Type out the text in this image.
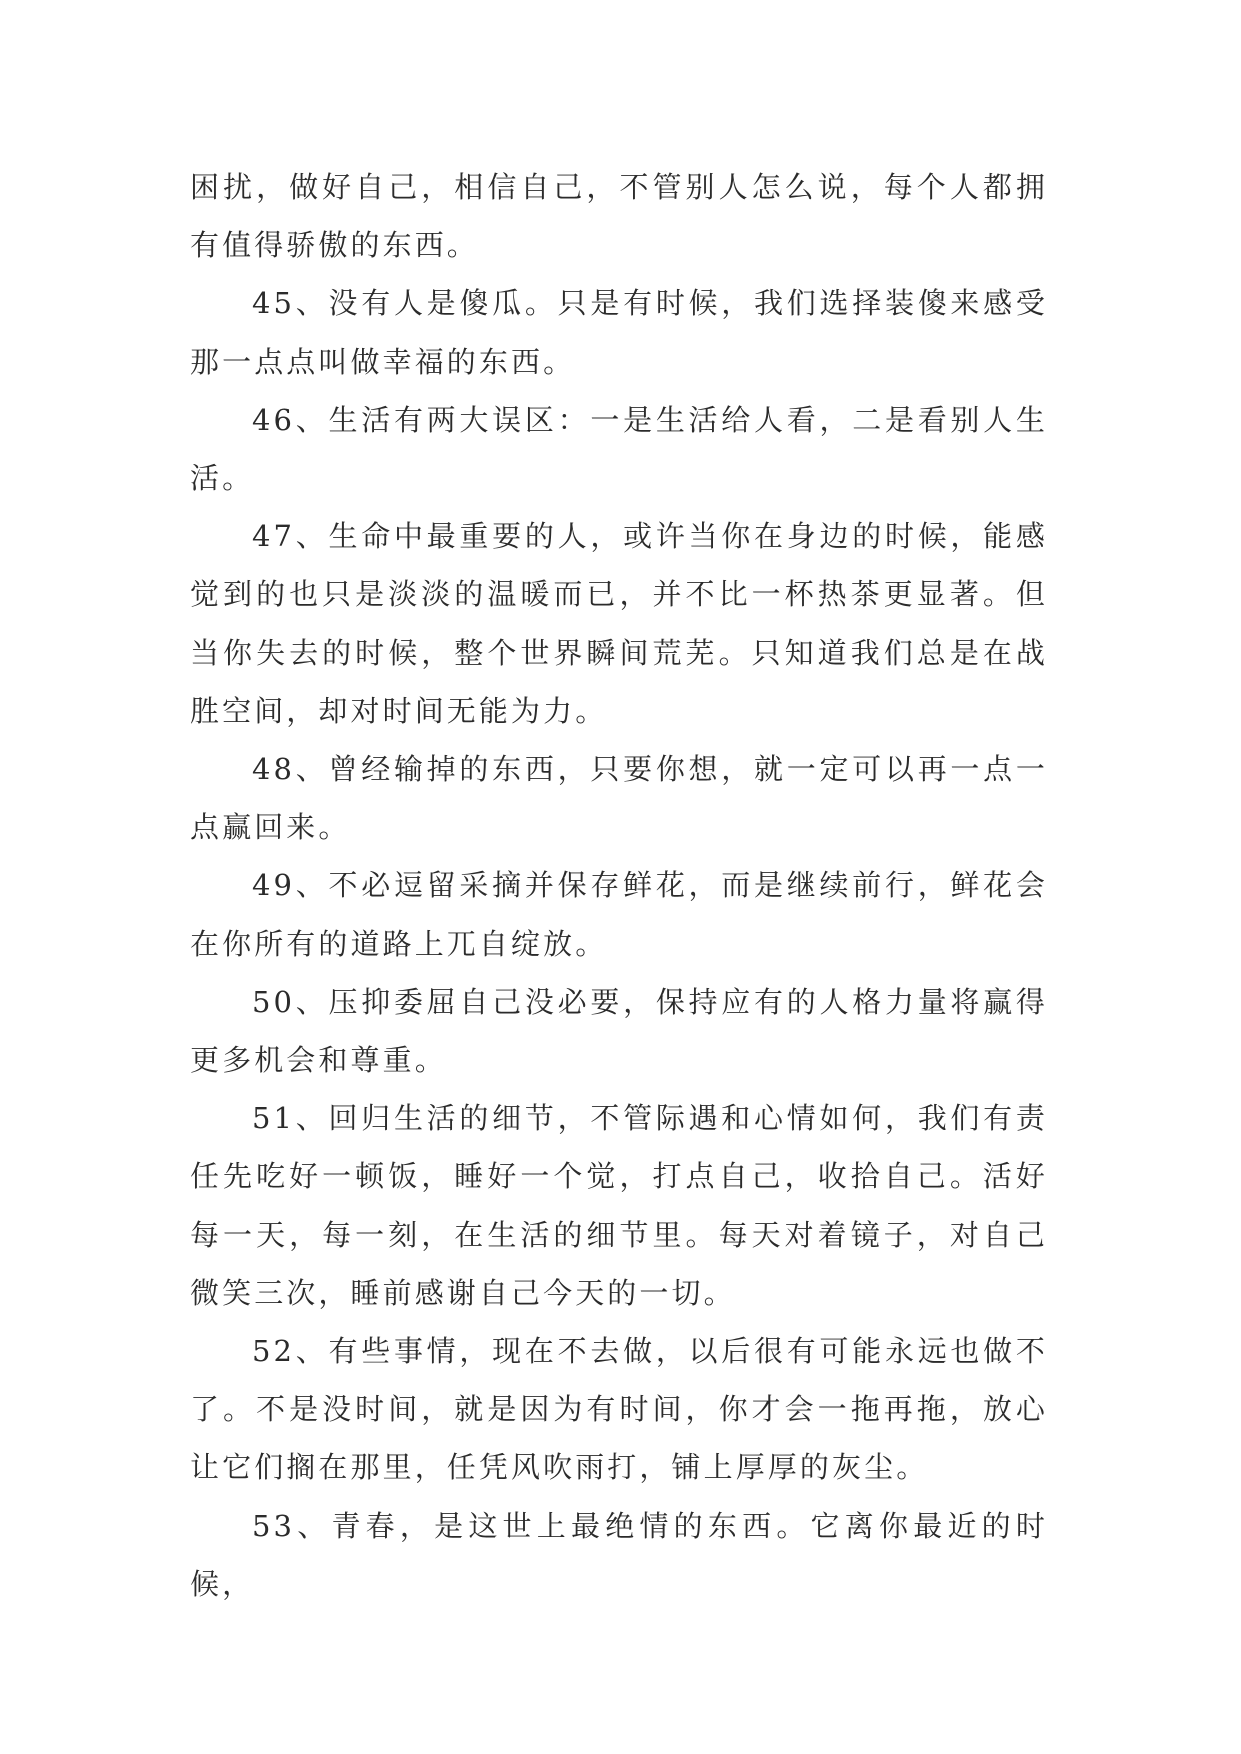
困扰，做好自己，相信自己，不管别人怎么说，每个人都拥有值得骄傲的东西。

45、没有人是傻瓜。只是有时候，我们选择装傻来感受那一点点叫做幸福的东西。

46、生活有两大误区：一是生活给人看，二是看别人生活。

47、生命中最重要的人，或许当你在身边的时候，能感觉到的也只是淡淡的温暖而已，并不比一杯热茶更显著。但当你失去的时候，整个世界瞬间荒芜。只知道我们总是在战胜空间，却对时间无能为力。

48、曾经输掉的东西，只要你想，就一定可以再一点一点赢回来。

49、不必逗留采摘并保存鲜花，而是继续前行，鲜花会在你所有的道路上兀自绽放。

50、压抑委屈自己没必要，保持应有的人格力量将赢得更多机会和尊重。

51、回归生活的细节，不管际遇和心情如何，我们有责任先吃好一顿饭，睡好一个觉，打点自己，收拾自己。活好每一天，每一刻，在生活的细节里。每天对着镜子，对自己微笑三次，睡前感谢自己今天的一切。

52、有些事情，现在不去做，以后很有可能永远也做不了。不是没时间，就是因为有时间，你才会一拖再拖，放心让它们搁在那里，任凭风吹雨打，铺上厚厚的灰尘。

53、青春，是这世上最绝情的东西。它离你最近的时候，
